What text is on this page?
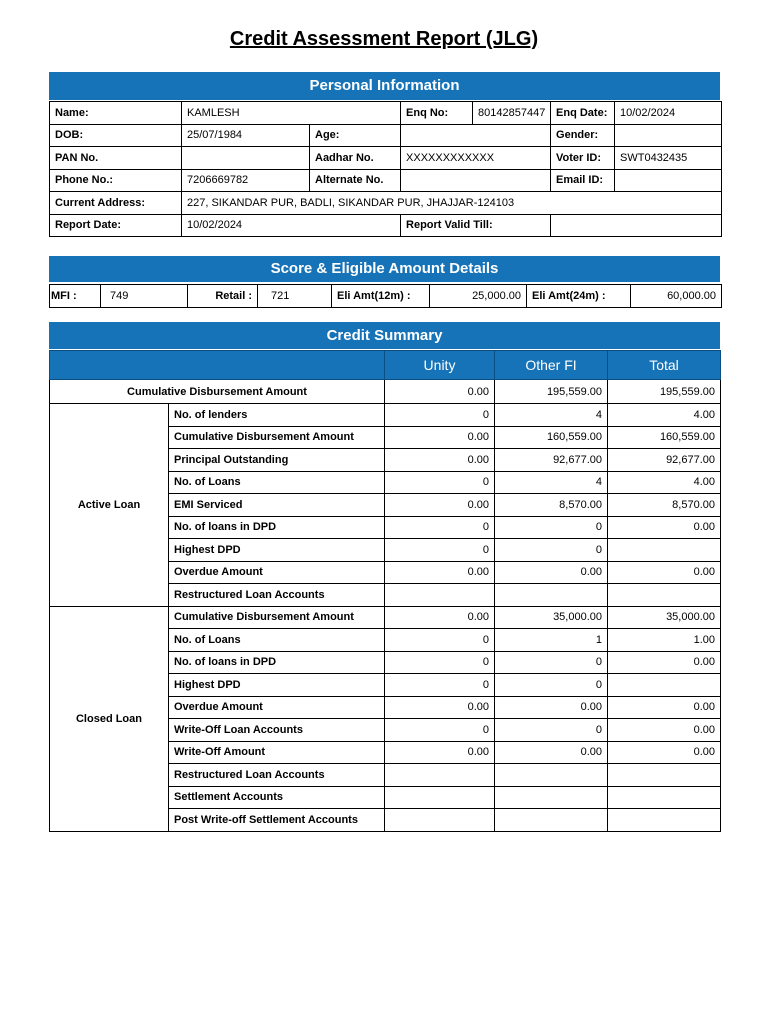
Credit Assessment Report (JLG)
Personal Information
Name:	KAMLESH		Enq No:	80142857447	Enq Date:	10/02/2024
DOB:	25/07/1984	Age:			Gender:	
PAN No.		Aadhar No.	XXXXXXXXXXXX		Voter ID:	SWT0432435
Phone No.:	7206669782	Alternate No.			Email ID:	
Current Address:	227, SIKANDAR PUR, BADLI, SIKANDAR PUR, JHAJJAR-124103					
Report Date:	10/02/2024		Report Valid Till:			
Score & Eligible Amount Details
MFI :	749	Retail :	721	Eli Amt(12m) :	25,000.00	Eli Amt(24m) :	60,000.00
Credit Summary
		Unity	Other FI	Total
Cumulative Disbursement Amount		0.00	195,559.00	195,559.00
Active Loan	No. of lenders	0	4	4.00
	Cumulative Disbursement Amount	0.00	160,559.00	160,559.00
	Principal Outstanding	0.00	92,677.00	92,677.00
	No. of Loans	0	4	4.00
	EMI Serviced	0.00	8,570.00	8,570.00
	No. of loans in DPD	0	0	0.00
	Highest DPD	0	0	
	Overdue Amount	0.00	0.00	0.00
	Restructured Loan Accounts			
Closed Loan	Cumulative Disbursement Amount	0.00	35,000.00	35,000.00
	No. of Loans	0	1	1.00
	No. of loans in DPD	0	0	0.00
	Highest DPD	0	0	
	Overdue Amount	0.00	0.00	0.00
	Write-Off Loan Accounts	0	0	0.00
	Write-Off Amount	0.00	0.00	0.00
	Restructured Loan Accounts			
	Settlement Accounts			
	Post Write-off Settlement Accounts			
